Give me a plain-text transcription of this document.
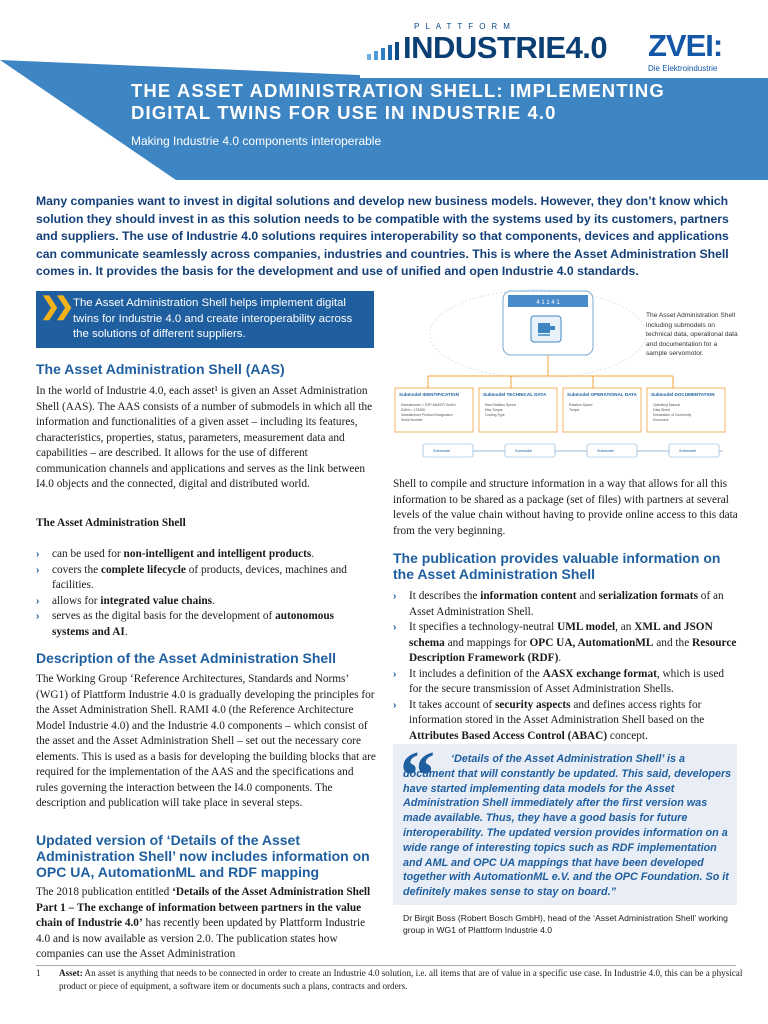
PLATTFORM
INDUSTRIE4.0 ZVEI:
Die Elektroindustrie
THE ASSET ADMINISTRATION SHELL: IMPLEMENTING DIGITAL TWINS FOR USE IN INDUSTRIE 4.0
Making Industrie 4.0 components interoperable

Many companies want to invest in digital solutions and develop new business models. However, they don’t know which solution they should invest in as this solution needs to be compatible with the systems used by its customers, partners and suppliers. The use of Industrie 4.0 solutions requires interoperability so that components, devices and applications can communicate seamlessly across companies, industries and countries. This is where the Asset Administration Shell comes in. It provides the basis for the development and use of unified and open Industrie 4.0 standards.

❯❯ The Asset Administration Shell helps implement digital twins for Industrie 4.0 and create interoperability across the solutions of different suppliers.

The Asset Administration Shell (AAS)

In the world of Industrie 4.0, each asset¹ is given an Asset Administration Shell (AAS). The AAS consists of a number of submodels in which all the information and functionalities of a given asset – including its features, characteristics, properties, status, parameters, measurement data and capabilities – are described. It allows for the use of different communication channels and applications and serves as the link between I4.0 objects and the connected, digital and distributed world.

The Asset Administration Shell

› can be used for non-intelligent and intelligent products.
› covers the complete lifecycle of products, devices, machines and facilities.
› allows for integrated value chains.
› serves as the digital basis for the development of autonomous systems and AI.
Description of the Asset Administration Shell

The Working Group ‘Reference Architectures, Standards and Norms’ (WG1) of Plattform Industrie 4.0 is gradually developing the principles for the Asset Administration Shell. RAMI 4.0 (the Reference Architecture Model Industrie 4.0) and the Industrie 4.0 components – which consist of the asset and the Asset Administration Shell – set out the necessary core elements. This is used as a basis for developing the building blocks that are required for the implementation of the AAS and the specifications and rules governing the interaction between the I4.0 components. The description and publication will take place in several steps.

Updated version of ‘Details of the Asset Administration Shell’ now includes information on OPC UA, AutomationML and RDF mapping

The 2018 publication entitled ‘Details of the Asset Administration Shell Part 1 – The exchange of information between partners in the value chain of Industrie 4.0’ has recently been updated by Plattform Industrie 4.0 and is now available as version 2.0. The publication states how companies can use the Asset Administration

4 1 1 4 1
Submodel IDENTIFICATION
Manufacturer = EXP-MAKER GmbH
ID#Nr = 123456
Manufacturer Product Designation
Serial Number
Submodel TECHNICAL DATA
Max Rotation Speed
Max Torque
Cooling Type
Submodel OPERATIONAL DATA
Rotation Speed
Torque
Submodel DOCUMENTATION
Operating Manual
Data Sheet
Declaration of Conformity
Document
Submodel	Submodel	Submodel	Submodel

The Asset Administration Shell including submodels on technical data, operational data and documentation for a sample servomotor.

Shell to compile and structure information in a way that allows for all this information to be shared as a package (set of files) with partners at several levels of the value chain without having to provide online access to this data from the very beginning.

The publication provides valuable information on the Asset Administration Shell
› It describes the information content and serialization formats of an Asset Administration Shell.
› It specifies a technology-neutral UML model, an XML and JSON schema and mappings for OPC UA, AutomationML and the Resource Description Framework (RDF).
› It includes a definition of the AASX exchange format, which is used for the secure transmission of Asset Administration Shells.
› It takes account of security aspects and defines access rights for information stored in the Asset Administration Shell based on the Attributes Based Access Control (ABAC) concept.
“	‘Details of the Asset Administration Shell’ is a document that will constantly be updated. This said, developers have started implementing data models for the Asset Administration Shell immediately after the first version was made available. Thus, they have a good basis for future interoperability. The updated version provides information on a wide range of interesting topics such as RDF implementation and AML and OPC UA mappings that have been developed together with AutomationML e.V. and the OPC Foundation. So it definitely makes sense to stay on board.”

Dr Birgit Boss (Robert Bosch GmbH), head of the ‘Asset Administration Shell’ working group in WG1 of Plattform Industrie 4.0

1 Asset: An asset is anything that needs to be connected in order to create an Industrie 4.0 solution, i.e. all items that are of value in a specific use case. In Industrie 4.0, this can be a physical product or piece of equipment, a software item or documents such a plans, contracts and orders.
